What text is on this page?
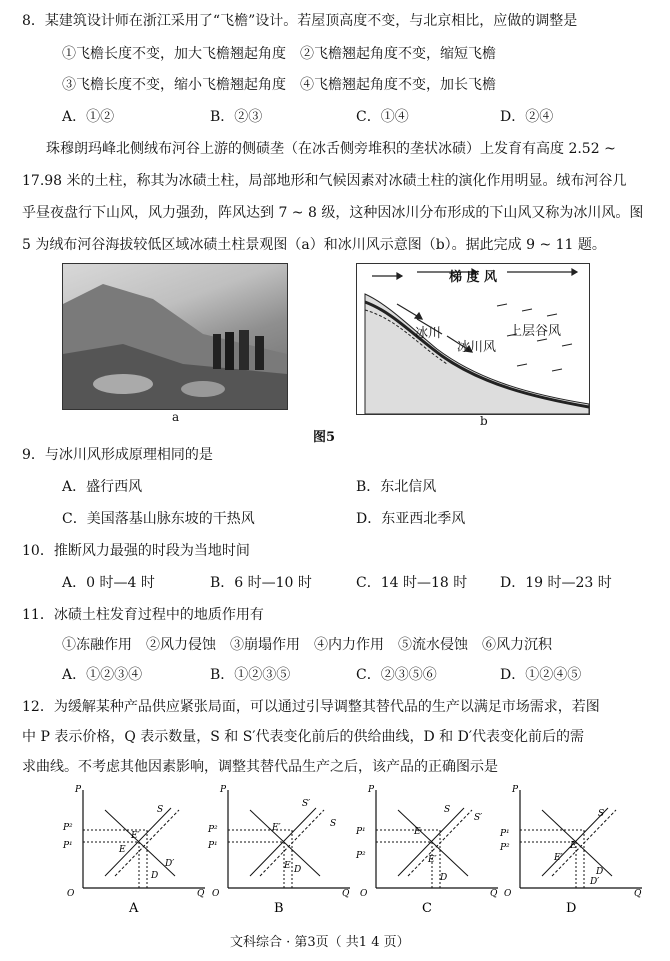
8．某建筑设计师在浙江采用了“飞檐”设计。若屋顶高度不变，与北京相比，应做的调整是
①飞檐长度不变，加大飞檐翘起角度　②飞檐翘起角度不变，缩短飞檐
③飞檐长度不变，缩小飞檐翘起角度　④飞檐翘起角度不变，加长飞檐
A．①②	B．②③	C．①④	D．②④
珠穆朗玛峰北侧绒布河谷上游的侧碛垄（在冰舌侧旁堆积的垄状冰碛）上发育有高度 2.52 ~
17.98 米的土柱，称其为冰碛土柱，局部地形和气候因素对冰碛土柱的演化作用明显。绒布河谷几
乎昼夜盘行下山风，风力强劲，阵风达到 7 ~ 8 级，这种因冰川分布形成的下山风又称为冰川风。图
5 为绒布河谷海拔较低区域冰碛土柱景观图（a）和冰川风示意图（b）。据此完成 9 ~ 11 题。
a
梯 度 风
冰川
冰川风
上层谷风
b
图5
9．与冰川风形成原理相同的是
A．盛行西风	B．东北信风
C．美国落基山脉东坡的干热风	D．东亚西北季风
10．推断风力最强的时段为当地时间
A．0 时—4 时	B．6 时—10 时	C．14 时—18 时 D．19 时—23 时
11．冰碛土柱发育过程中的地质作用有
①冻融作用　②风力侵蚀　③崩塌作用　④内力作用　⑤流水侵蚀　⑥风力沉积
A．①②③④	B．①②③⑤	C．②③⑤⑥	D．①②④⑤
12．为缓解某种产品供应紧张局面，可以通过引导调整其替代品的生产以满足市场需求，若图
中 P 表示价格，Q 表示数量，S 和 S′代表变化前后的供给曲线，D 和 D′代表变化前后的需
求曲线。不考虑其他因素影响，调整其替代品生产之后，该产品的正确图示是
P
P²
P¹
O	Q
S
E′
E
D′
D
A
P
P²
P¹
O	Q
S′
S
E′
E D
B
P
P¹
P²
O	Q
S
S′
E
E′
D
C
P
P¹
P²
O	Q
S
E
E′
D
D′
D
文科综合 · 第3页（ 共1 4 页）
